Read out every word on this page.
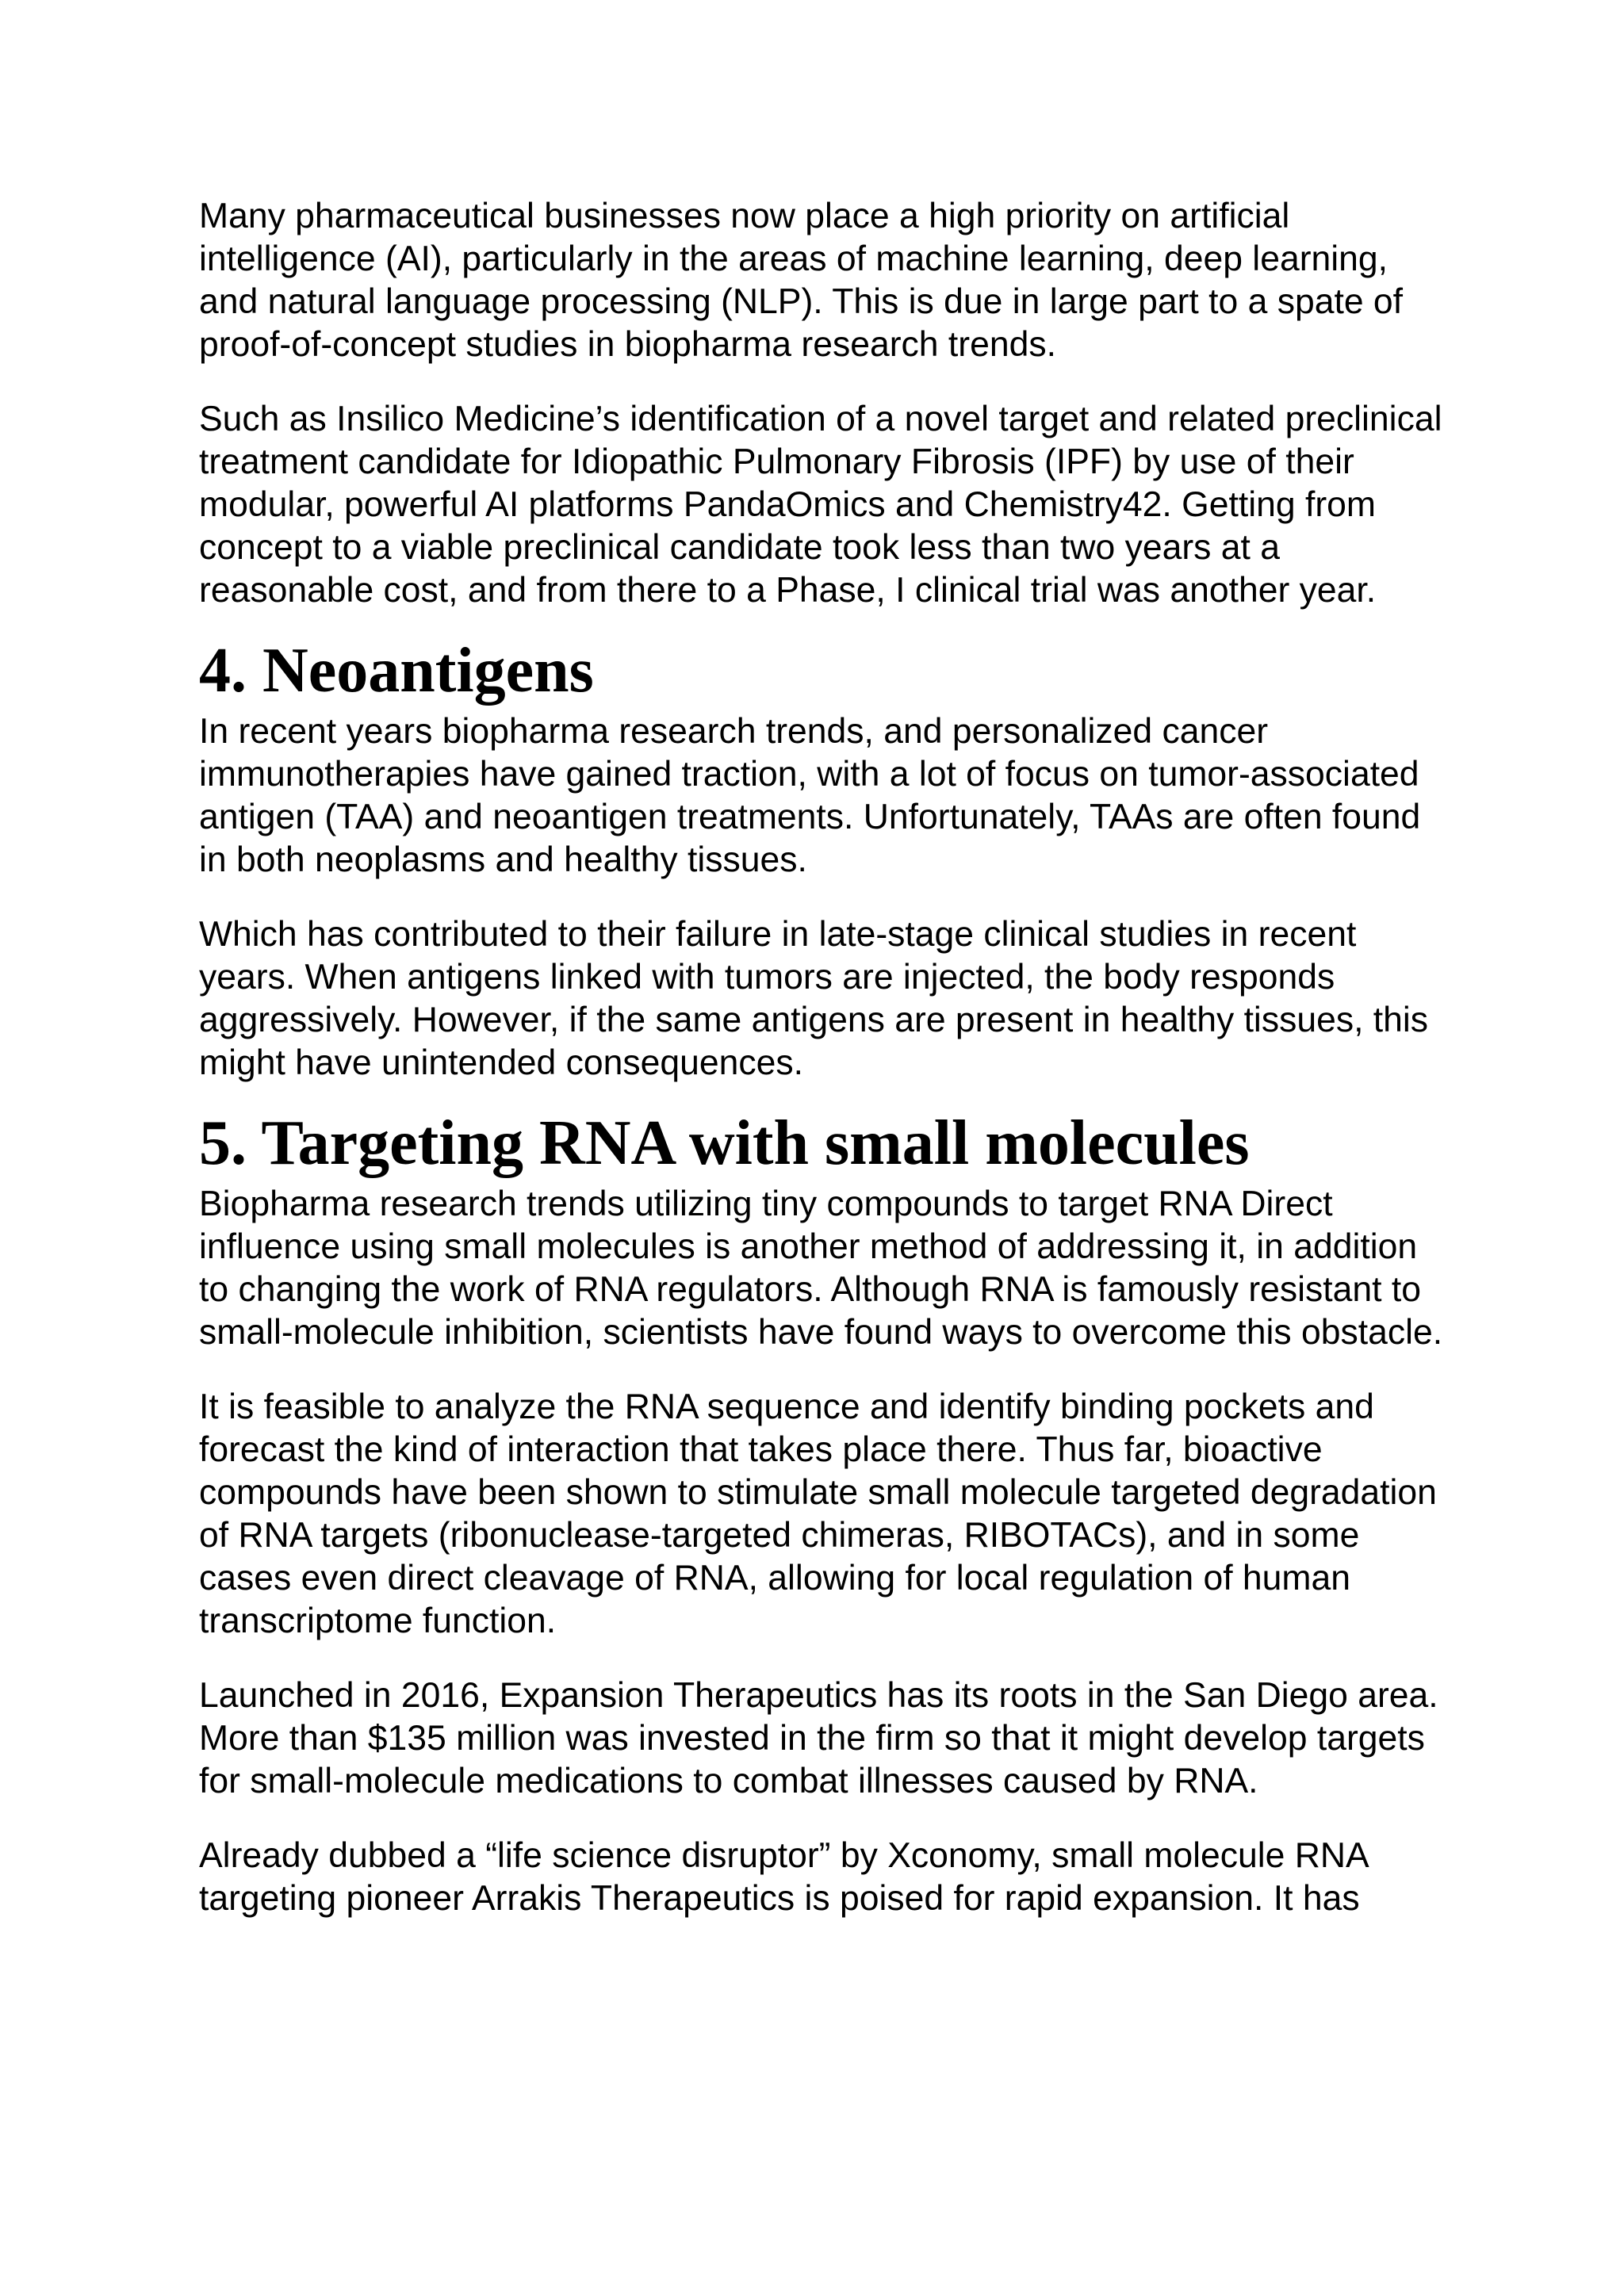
Many pharmaceutical businesses now place a high priority on artificial intelligence (AI), particularly in the areas of machine learning, deep learning, and natural language processing (NLP). This is due in large part to a spate of proof-of-concept studies in biopharma research trends.

Such as Insilico Medicine’s identification of a novel target and related preclinical treatment candidate for Idiopathic Pulmonary Fibrosis (IPF) by use of their modular, powerful AI platforms PandaOmics and Chemistry42. Getting from concept to a viable preclinical candidate took less than two years at a reasonable cost, and from there to a Phase, I clinical trial was another year.

4. Neoantigens

In recent years biopharma research trends, and personalized cancer immunotherapies have gained traction, with a lot of focus on tumor-associated antigen (TAA) and neoantigen treatments. Unfortunately, TAAs are often found in both neoplasms and healthy tissues.

Which has contributed to their failure in late-stage clinical studies in recent years. When antigens linked with tumors are injected, the body responds aggressively. However, if the same antigens are present in healthy tissues, this might have unintended consequences.

5. Targeting RNA with small molecules

Biopharma research trends utilizing tiny compounds to target RNA Direct influence using small molecules is another method of addressing it, in addition to changing the work of RNA regulators. Although RNA is famously resistant to small-molecule inhibition, scientists have found ways to overcome this obstacle.

It is feasible to analyze the RNA sequence and identify binding pockets and forecast the kind of interaction that takes place there. Thus far, bioactive compounds have been shown to stimulate small molecule targeted degradation of RNA targets (ribonuclease-targeted chimeras, RIBOTACs), and in some cases even direct cleavage of RNA, allowing for local regulation of human transcriptome function.

Launched in 2016, Expansion Therapeutics has its roots in the San Diego area. More than $135 million was invested in the firm so that it might develop targets for small-molecule medications to combat illnesses caused by RNA.

Already dubbed a “life science disruptor” by Xconomy, small molecule RNA targeting pioneer Arrakis Therapeutics is poised for rapid expansion. It has
